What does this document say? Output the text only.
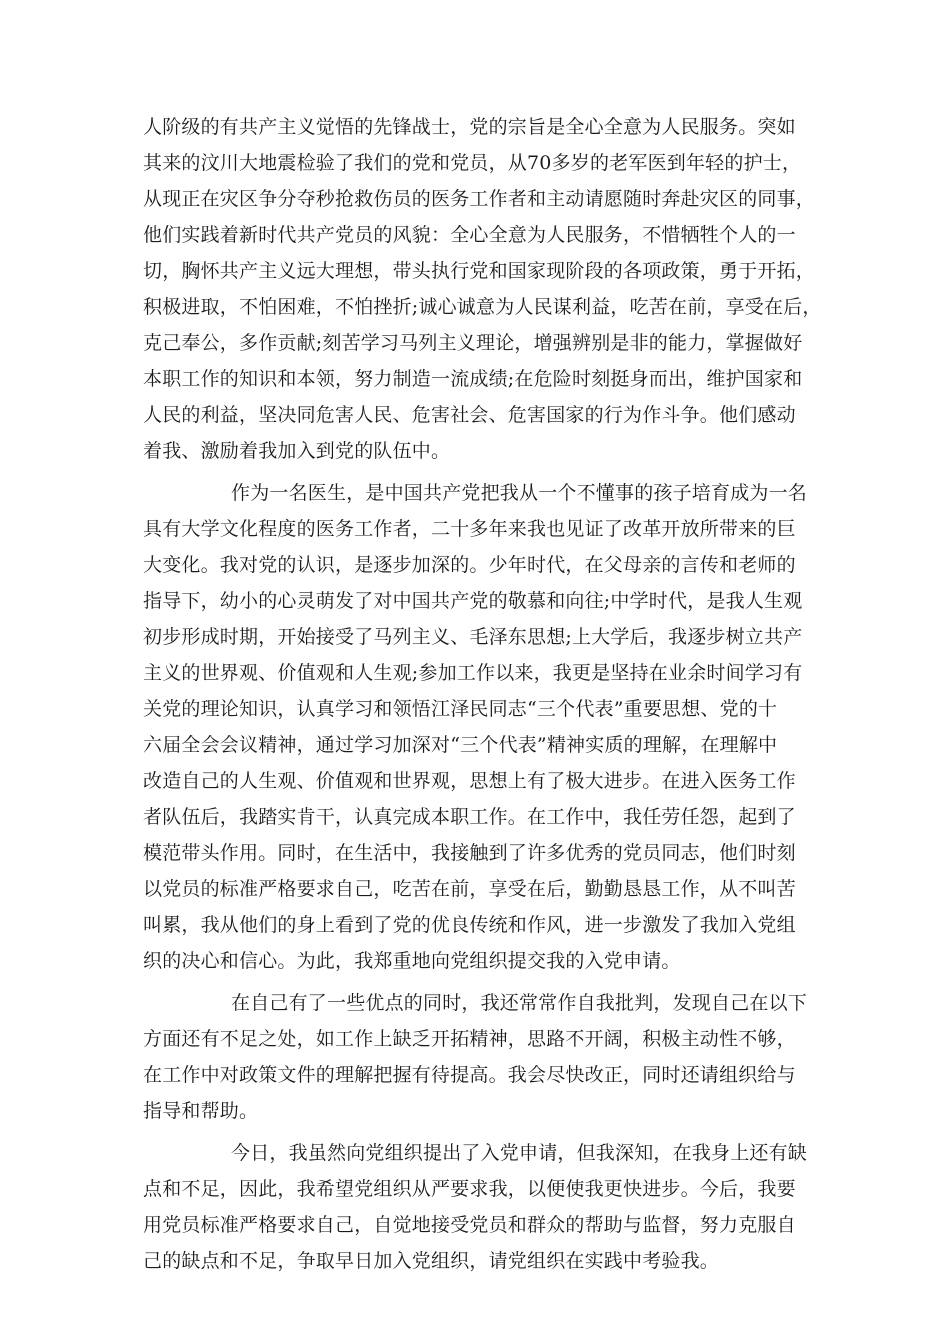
人阶级的有共产主义觉悟的先锋战士，党的宗旨是全心全意为人民服务。突如
其来的汶川大地震检验了我们的党和党员，从70多岁的老军医到年轻的护士，
从现正在灾区争分夺秒抢救伤员的医务工作者和主动请愿随时奔赴灾区的同事，
他们实践着新时代共产党员的风貌：全心全意为人民服务，不惜牺牲个人的一
切，胸怀共产主义远大理想，带头执行党和国家现阶段的各项政策，勇于开拓，
积极进取，不怕困难，不怕挫折;诚心诚意为人民谋利益，吃苦在前，享受在后，
克己奉公，多作贡献;刻苦学习马列主义理论，增强辨别是非的能力，掌握做好
本职工作的知识和本领，努力制造一流成绩;在危险时刻挺身而出，维护国家和
人民的利益，坚决同危害人民、危害社会、危害国家的行为作斗争。他们感动
着我、激励着我加入到党的队伍中。
作为一名医生，是中国共产党把我从一个不懂事的孩子培育成为一名
具有大学文化程度的医务工作者，二十多年来我也见证了改革开放所带来的巨
大变化。我对党的认识，是逐步加深的。少年时代，在父母亲的言传和老师的
指导下，幼小的心灵萌发了对中国共产党的敬慕和向往;中学时代，是我人生观
初步形成时期，开始接受了马列主义、毛泽东思想;上大学后，我逐步树立共产
主义的世界观、价值观和人生观;参加工作以来，我更是坚持在业余时间学习有
关党的理论知识，认真学习和领悟江泽民同志“三个代表”重要思想、党的十
六届全会会议精神，通过学习加深对“三个代表”精神实质的理解，在理解中
改造自己的人生观、价值观和世界观，思想上有了极大进步。在进入医务工作
者队伍后，我踏实肯干，认真完成本职工作。在工作中，我任劳任怨，起到了
模范带头作用。同时，在生活中，我接触到了许多优秀的党员同志，他们时刻
以党员的标准严格要求自己，吃苦在前，享受在后，勤勤恳恳工作，从不叫苦
叫累，我从他们的身上看到了党的优良传统和作风，进一步激发了我加入党组
织的决心和信心。为此，我郑重地向党组织提交我的入党申请。
在自己有了一些优点的同时，我还常常作自我批判，发现自己在以下
方面还有不足之处，如工作上缺乏开拓精神，思路不开阔，积极主动性不够，
在工作中对政策文件的理解把握有待提高。我会尽快改正，同时还请组织给与
指导和帮助。
今日，我虽然向党组织提出了入党申请，但我深知，在我身上还有缺
点和不足，因此，我希望党组织从严要求我，以便使我更快进步。今后，我要
用党员标准严格要求自己，自觉地接受党员和群众的帮助与监督，努力克服自
己的缺点和不足，争取早日加入党组织，请党组织在实践中考验我。
